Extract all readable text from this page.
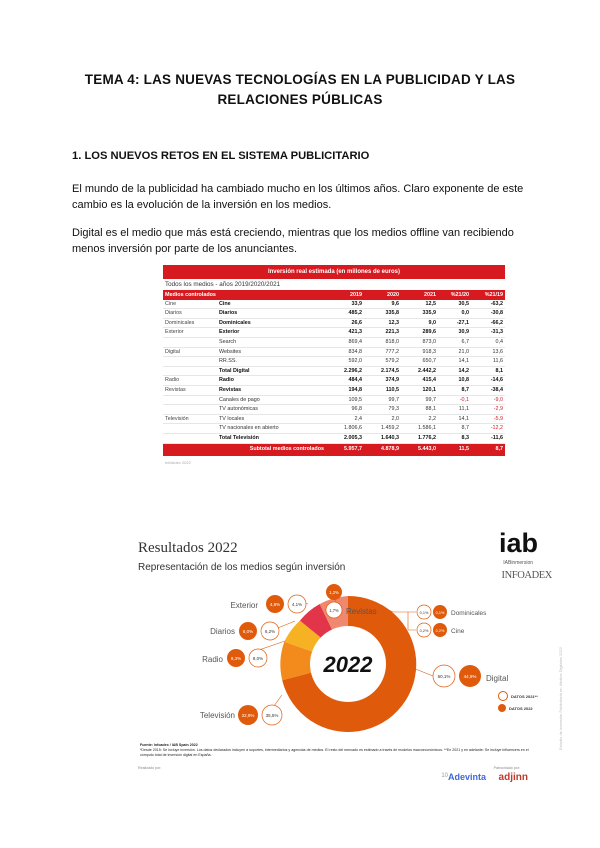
TEMA 4: LAS NUEVAS TECNOLOGÍAS EN LA PUBLICIDAD Y LAS
RELACIONES PÚBLICAS
1. LOS NUEVOS RETOS EN EL SISTEMA PUBLICITARIO

El mundo de la publicidad ha cambiado mucho en los últimos años. Claro exponente de este cambio es la evolución de la inversión en los medios.

Digital es el medio que más está creciendo, mientras que los medios offline van recibiendo menos inversión por parte de los anunciantes.

Inversión real estimada (en millones de euros)
Todos los medios - años 2019/2020/2021
Medios controlados		2019	2020	2021	%21/20	%21/19
Cine	Cine	33,9	9,6	12,5	30,5	-63,2
Diarios	Diarios	485,2	335,8	335,9	0,0	-30,8
Dominicales	Dominicales	26,6	12,3	9,0	-27,1	-66,2
Exterior	Exterior	421,3	221,3	289,6	30,9	-31,3
	Search	869,4	818,0	873,0	6,7	0,4
Digital	Websites	834,8	777,2	918,3	21,0	13,6
	RR.SS.	592,0	579,2	650,7	14,1	11,6
	Total Digital	2.296,2	2.174,5	2.442,2	14,2	8,1
Radio	Radio	484,4	374,9	415,4	10,8	-14,6
Revistas	Revistas	194,8	110,5	120,1	8,7	-38,4
	Canales de pago	109,5	99,7	99,7	-0,1	-9,0
	TV autonómicas	96,8	79,3	88,1	11,1	-2,9
Televisión	TV locales	2,4	2,0	2,2	14,1	-5,9
	TV nacionales en abierto	1.806,6	1.459,2	1.586,1	8,7	-12,2
	Total Televisión	2.005,3	1.640,3	1.776,2	8,3	-11,6
Subtotal medios controlados		5.957,7	4.878,9	5.443,0	11,5	8,7
InfoAdex 2022
Resultados 2022
Representación de los medios según inversión
iab
IABinmersion
INFOADEX
Estudio de Inversión Publicitaria en Medios Digitales 2022
2022
Exterior	4,8%	4,1%
Diarios 6,0%	6,2%
Radio 8,3%	8,0%
Televisión 32,9% 35,5%
1,2%
1,7% Revistas	0,1% 0,1% Dominicales
0,2% 0,2% Cine
60,1%	44,9% Digital
DATOS 2021**
DATOS 2022
Fuente: Infoadex / IAB Spain 2022
*Desde 2015: Se incluye inversión. Los datos declarados incluyen a soportes, intermediarios y agencias de medios. El resto del mercado es estimado a través de modelos macroeconómicos. **En 2021 y en adelante: Se incluye influencers en el cómputo total de inversión digital en España.
Realizado por:	Patrocinado por:
10 Adevinta adjinn
